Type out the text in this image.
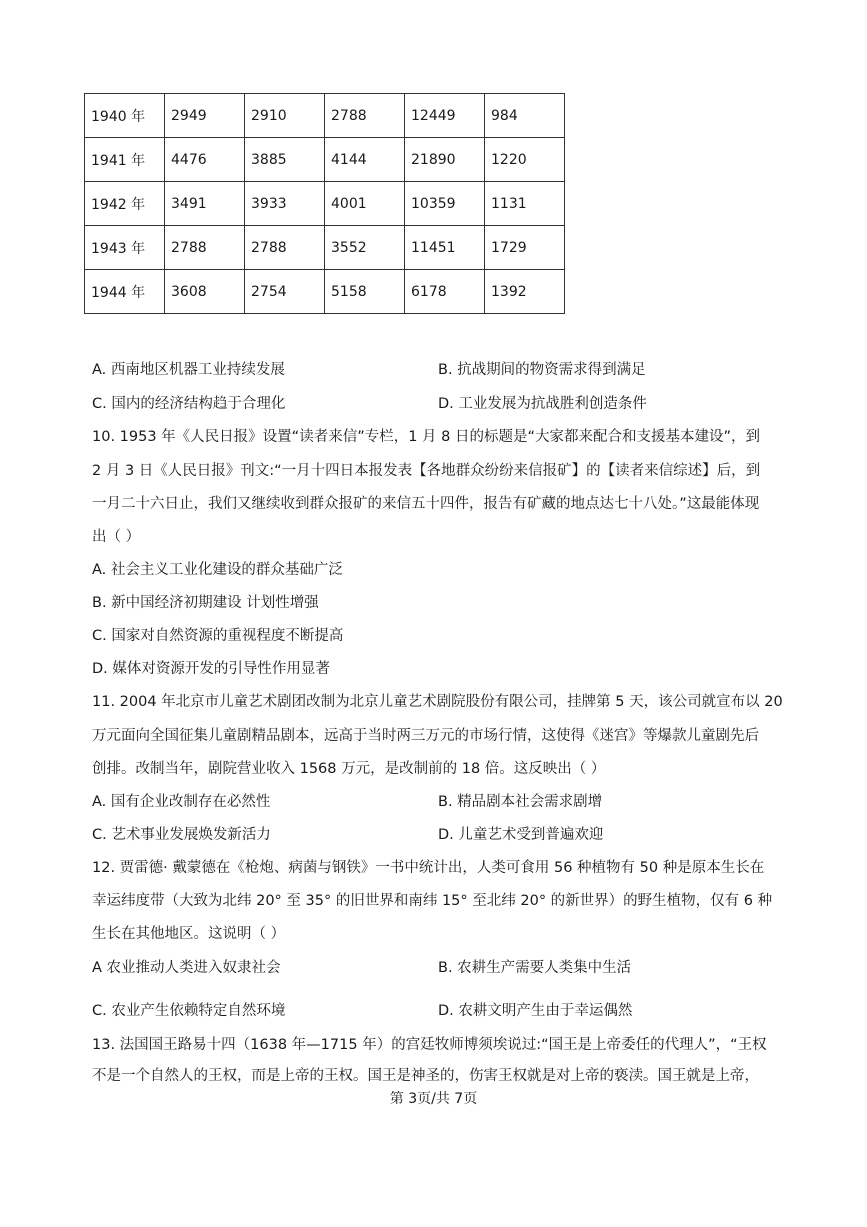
1940 年	2949	2910	2788	12449	984
1941 年	4476	3885	4144	21890	1220
1942 年	3491	3933	4001	10359	1131
1943 年	2788	2788	3552	11451	1729
1944 年	3608	2754	5158	6178	1392
A. 西南地区机器工业持续发展	B. 抗战期间的物资需求得到满足
C. 国内的经济结构趋于合理化	D. 工业发展为抗战胜利创造条件
10. 1953 年《人民日报》设置“读者来信”专栏，1 月 8 日的标题是“大家都来配合和支援基本建设”，到
2 月 3 日《人民日报》刊文:“一月十四日本报发表【各地群众纷纷来信报矿】的【读者来信综述】后，到
一月二十六日止，我们又继续收到群众报矿的来信五十四件，报告有矿藏的地点达七十八处。”这最能体现
出（ ）
A. 社会主义工业化建设的群众基础广泛
B. 新中国经济初期建设 计划性增强
C. 国家对自然资源的重视程度不断提高
D. 媒体对资源开发的引导性作用显著
11. 2004 年北京市儿童艺术剧团改制为北京儿童艺术剧院股份有限公司，挂牌第 5 天，该公司就宣布以 20
万元面向全国征集儿童剧精品剧本，远高于当时两三万元的市场行情，这使得《迷宫》等爆款儿童剧先后
创排。改制当年，剧院营业收入 1568 万元，是改制前的 18 倍。这反映出（ ）
A. 国有企业改制存在必然性	B. 精品剧本社会需求剧增
C. 艺术事业发展焕发新活力	D. 儿童艺术受到普遍欢迎
12. 贾雷德· 戴蒙德在《枪炮、病菌与钢铁》一书中统计出，人类可食用 56 种植物有 50 种是原本生长在
幸运纬度带（大致为北纬 20° 至 35° 的旧世界和南纬 15° 至北纬 20° 的新世界）的野生植物，仅有 6 种
生长在其他地区。这说明（ ）
A 农业推动人类进入奴隶社会	B. 农耕生产需要人类集中生活
C. 农业产生依赖特定自然环境	D. 农耕文明产生由于幸运偶然
13. 法国国王路易十四（1638 年—1715 年）的宫廷牧师博须埃说过:“国王是上帝委任的代理人”，“王权
不是一个自然人的王权，而是上帝的王权。国王是神圣的，伤害王权就是对上帝的亵渎。国王就是上帝，
第 3页/共 7页
